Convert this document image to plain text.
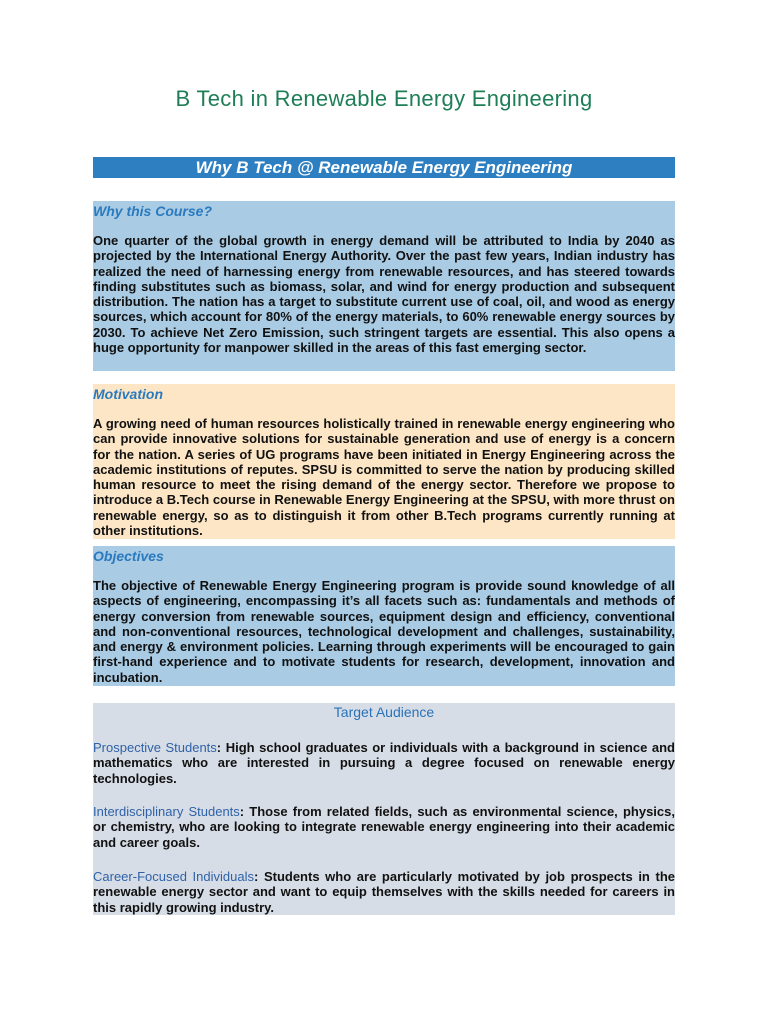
B Tech in Renewable Energy Engineering
Why B Tech @ Renewable Energy Engineering

Why this Course?

One quarter of the global growth in energy demand will be attributed to India by 2040 as projected by the International Energy Authority. Over the past few years, Indian industry has realized the need of harnessing energy from renewable resources, and has steered towards finding substitutes such as biomass, solar, and wind for energy production and subsequent distribution. The nation has a target to substitute current use of coal, oil, and wood as energy sources, which account for 80% of the energy materials, to 60% renewable energy sources by 2030. To achieve Net Zero Emission, such stringent targets are essential. This also opens a huge opportunity for manpower skilled in the areas of this fast emerging sector.

Motivation

A growing need of human resources holistically trained in renewable energy engineering who can provide innovative solutions for sustainable generation and use of energy is a concern for the nation. A series of UG programs have been initiated in Energy Engineering across the academic institutions of reputes. SPSU is committed to serve the nation by producing skilled human resource to meet the rising demand of the energy sector. Therefore we propose to introduce a B.Tech course in Renewable Energy Engineering at the SPSU, with more thrust on renewable energy, so as to distinguish it from other B.Tech programs currently running at other institutions.

Objectives

The objective of Renewable Energy Engineering program is provide sound knowledge of all aspects of engineering, encompassing it’s all facets such as: fundamentals and methods of energy conversion from renewable sources, equipment design and efficiency, conventional and non-conventional resources, technological development and challenges, sustainability, and energy & environment policies. Learning through experiments will be encouraged to gain first-hand experience and to motivate students for research, development, innovation and incubation.

Target Audience

Prospective Students: High school graduates or individuals with a background in science and mathematics who are interested in pursuing a degree focused on renewable energy technologies.

Interdisciplinary Students: Those from related fields, such as environmental science, physics, or chemistry, who are looking to integrate renewable energy engineering into their academic and career goals.

Career-Focused Individuals: Students who are particularly motivated by job prospects in the renewable energy sector and want to equip themselves with the skills needed for careers in this rapidly growing industry.
